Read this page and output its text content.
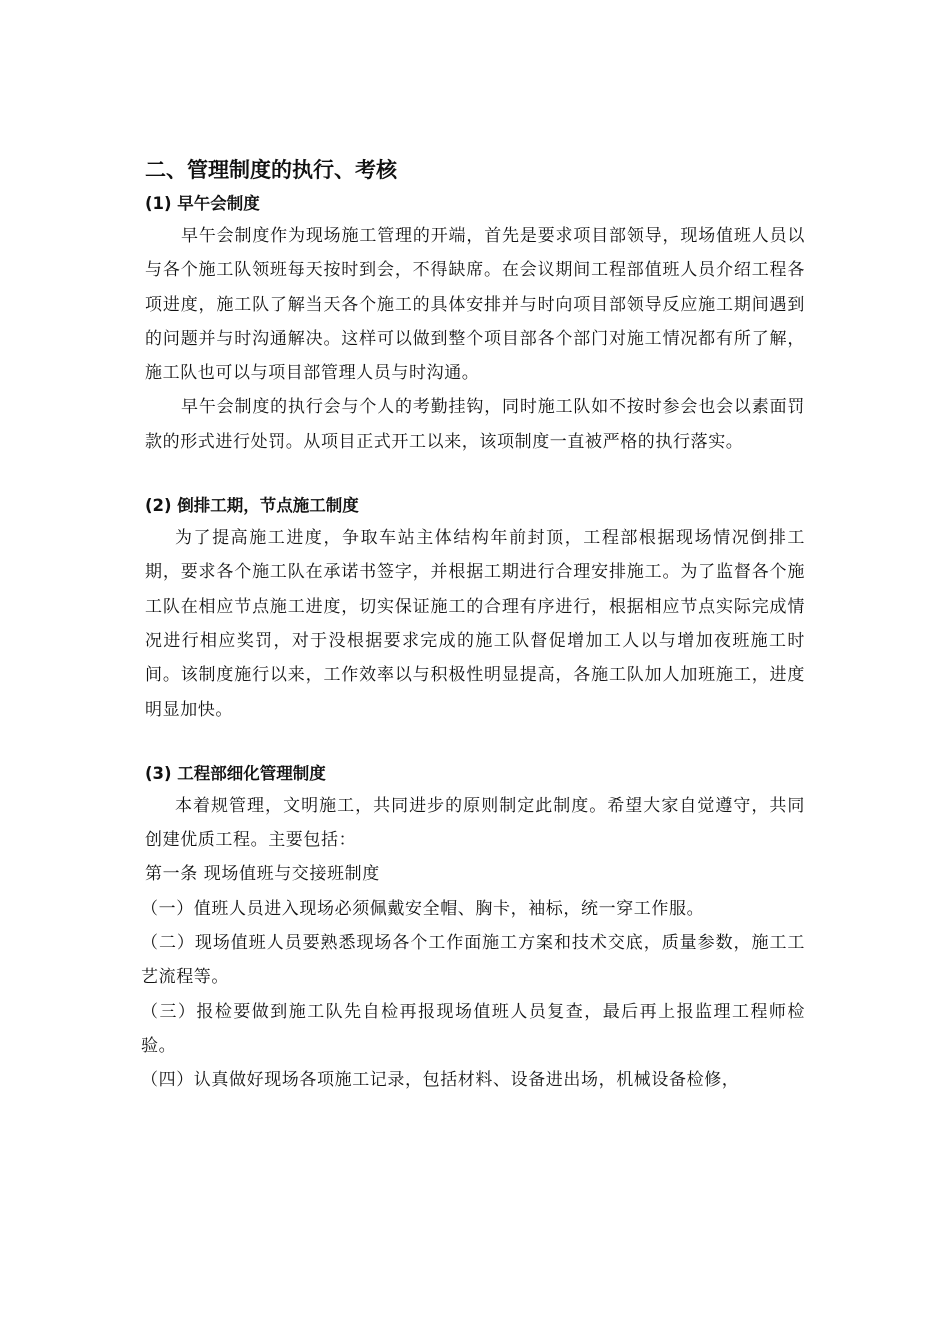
二、管理制度的执行、考核
(1) 早午会制度

早午会制度作为现场施工管理的开端，首先是要求项目部领导，现场值班人员以与各个施工队领班每天按时到会，不得缺席。在会议期间工程部值班人员介绍工程各项进度，施工队了解当天各个施工的具体安排并与时向项目部领导反应施工期间遇到的问题并与时沟通解决。这样可以做到整个项目部各个部门对施工情况都有所了解，施工队也可以与项目部管理人员与时沟通。

早午会制度的执行会与个人的考勤挂钩，同时施工队如不按时参会也会以素面罚款的形式进行处罚。从项目正式开工以来，该项制度一直被严格的执行落实。

(2) 倒排工期，节点施工制度

为了提高施工进度，争取车站主体结构年前封顶，工程部根据现场情况倒排工期，要求各个施工队在承诺书签字，并根据工期进行合理安排施工。为了监督各个施工队在相应节点施工进度，切实保证施工的合理有序进行，根据相应节点实际完成情况进行相应奖罚，对于没根据要求完成的施工队督促增加工人以与增加夜班施工时间。该制度施行以来，工作效率以与积极性明显提高，各施工队加人加班施工，进度明显加快。

(3) 工程部细化管理制度

本着规管理，文明施工，共同进步的原则制定此制度。希望大家自觉遵守，共同创建优质工程。主要包括：

第一条 现场值班与交接班制度

（一）值班人员进入现场必须佩戴安全帽、胸卡，袖标，统一穿工作服。

（二）现场值班人员要熟悉现场各个工作面施工方案和技术交底，质量参数，施工工艺流程等。

（三）报检要做到施工队先自检再报现场值班人员复查，最后再上报监理工程师检验。

（四）认真做好现场各项施工记录，包括材料、设备进出场，机械设备检修，
